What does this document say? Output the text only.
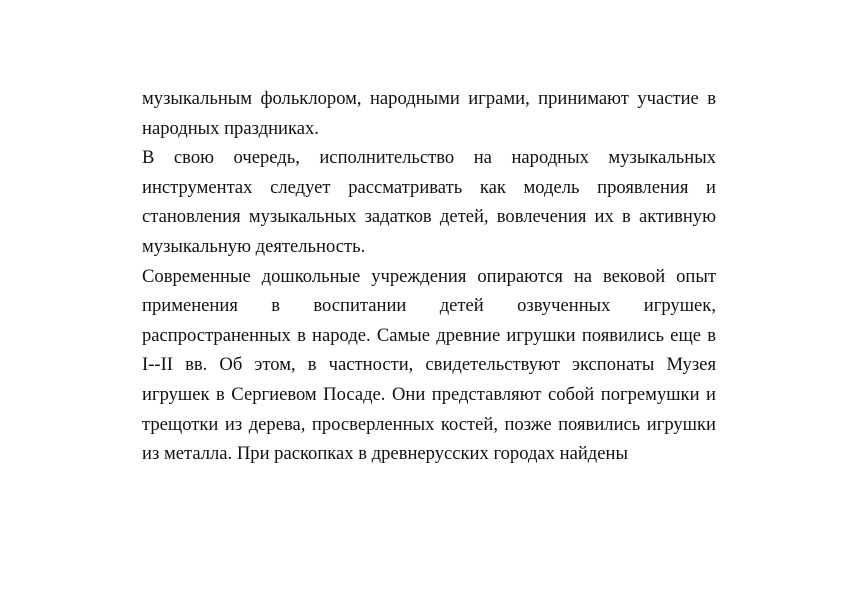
музыкальным фольклором, народными играми, принимают участие в народных праздниках.

В свою очередь, исполнительство на народных музыкальных инструментах следует рассматривать как модель проявления и становления музыкальных задатков детей, вовлечения их в активную музыкальную деятельность.

Современные дошкольные учреждения опираются на вековой опыт применения в воспитании детей озвученных игрушек, распространенных в народе. Самые древние игрушки появились еще в I--II вв. Об этом, в частности, свидетельствуют экспонаты Музея игрушек в Сергиевом Посаде. Они представляют собой погремушки и трещотки из дерева, просверленных костей, позже появились игрушки из металла. При раскопках в древнерусских городах найдены
